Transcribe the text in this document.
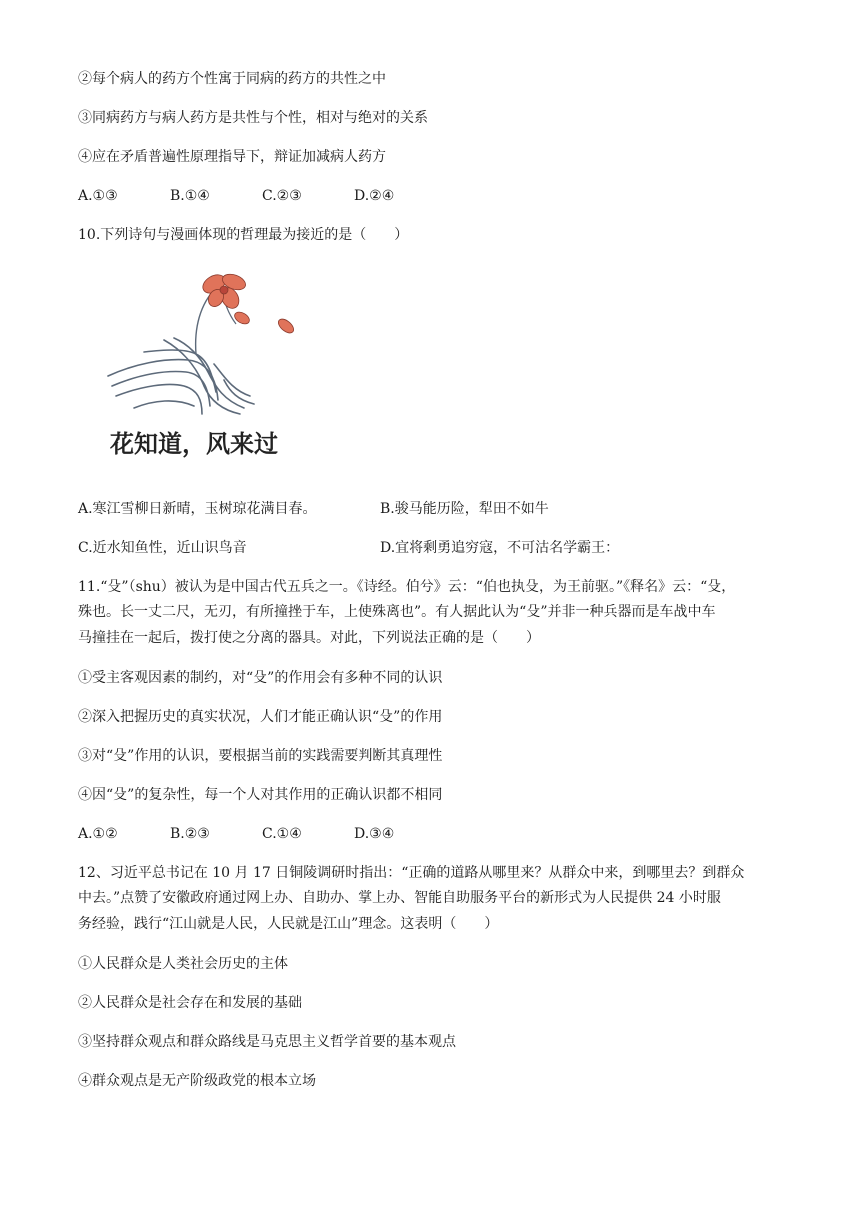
②每个病人的药方个性寓于同病的药方的共性之中
③同病药方与病人药方是共性与个性，相对与绝对的关系
④应在矛盾普遍性原理指导下，辩证加减病人药方
A.①③	B.①④	C.②③	D.②④
10.下列诗句与漫画体现的哲理最为接近的是（　　）
花知道，风来过
A.寒江雪柳日新晴，玉树琼花满目春。	B.骏马能历险，犁田不如牛
C.近水知鱼性，近山识鸟音	D.宜将剩勇追穷寇，不可沽名学霸王：
11.“殳”（shu）被认为是中国古代五兵之一。《诗经。伯兮》云：“伯也执殳，为王前驱。”《释名》云：“殳，
殊也。长一丈二尺，无刃，有所撞挫于车，上使殊离也”。有人据此认为“殳”并非一种兵器而是车战中车
马撞挂在一起后，拨打使之分离的器具。对此，下列说法正确的是（　　）
①受主客观因素的制约，对“殳”的作用会有多种不同的认识
②深入把握历史的真实状况，人们才能正确认识“殳”的作用
③对“殳”作用的认识，要根据当前的实践需要判断其真理性
④因“殳”的复杂性，每一个人对其作用的正确认识都不相同
A.①②	B.②③	C.①④	D.③④
12、习近平总书记在 10 月 17 日铜陵调研时指出：“正确的道路从哪里来？从群众中来，到哪里去？到群众
中去。”点赞了安徽政府通过网上办、自助办、掌上办、智能自助服务平台的新形式为人民提供 24 小时服
务经验，践行“江山就是人民，人民就是江山”理念。这表明（　　）
①人民群众是人类社会历史的主体
②人民群众是社会存在和发展的基础
③坚持群众观点和群众路线是马克思主义哲学首要的基本观点
④群众观点是无产阶级政党的根本立场
